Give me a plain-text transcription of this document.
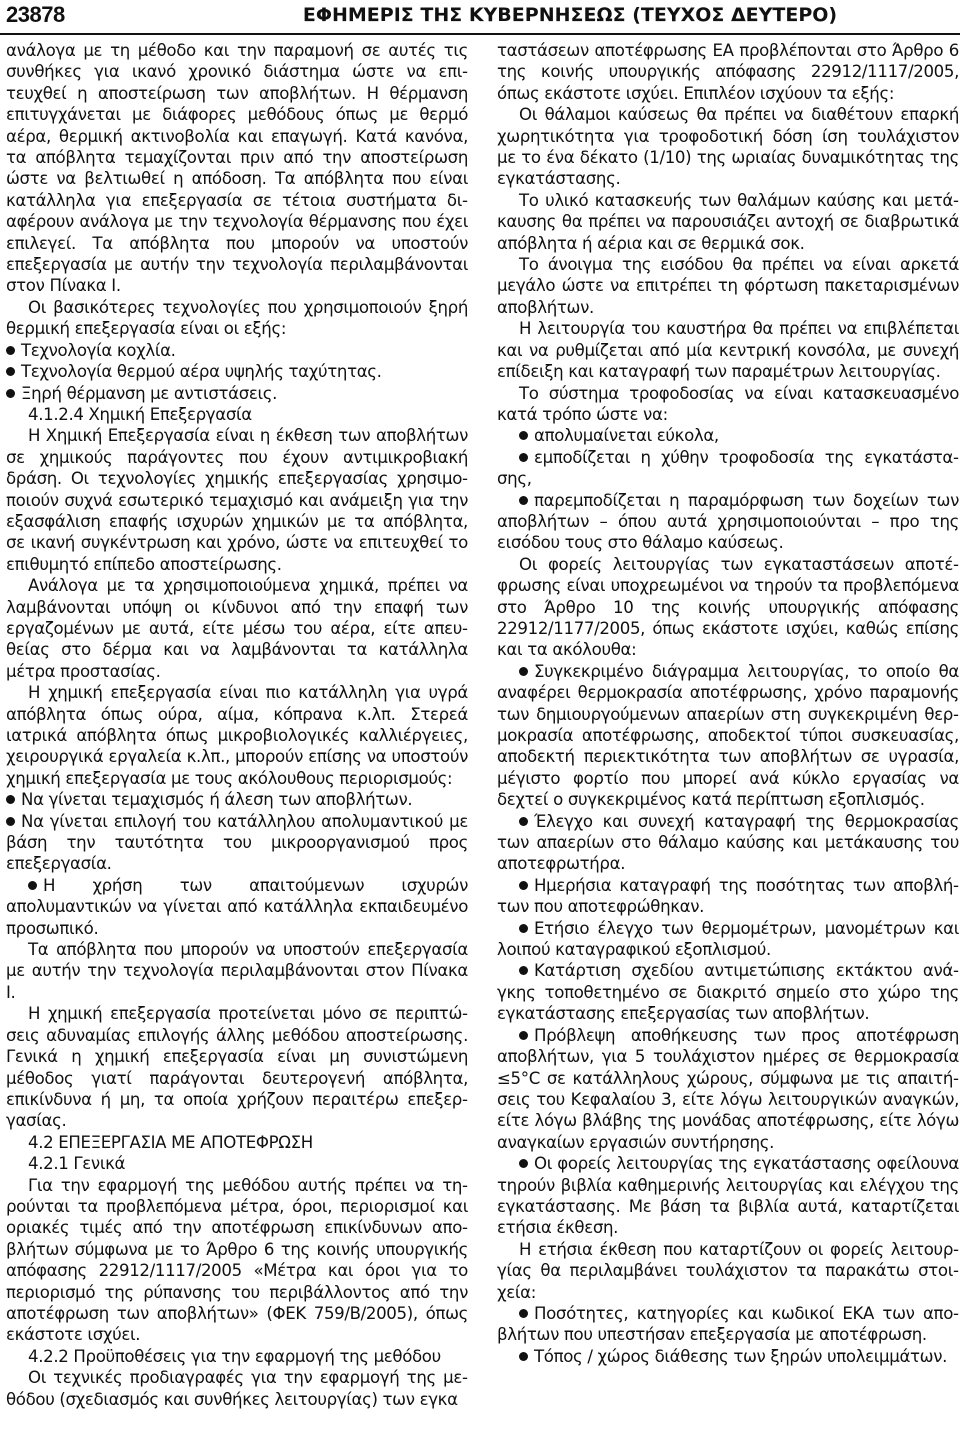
23878	ΕΦΗΜΕΡΙΣ ΤΗΣ ΚΥΒΕΡΝΗΣΕΩΣ (ΤΕΥΧΟΣ ΔΕΥΤΕΡΟ)

ανάλογα με τη μέθοδο και την παραμονή σε αυτές τις συνθήκες για ικανό χρονικό διάστημα ώστε να επιτευχθεί η αποστείρωση των αποβλήτων. Η θέρμανση επιτυγχάνεται με διάφορες μεθόδους όπως με θερμό αέρα, θερμική ακτινοβολία και επαγωγή. Κατά κανόνα, τα απόβλητα τεμαχίζονται πριν από την αποστείρωση ώστε να βελτιωθεί η απόδοση. Τα απόβλητα που είναι κατάλληλα για επεξεργασία σε τέτοια συστήματα διαφέρουν ανάλογα με την τεχνολογία θέρμανσης που έχει επιλεγεί. Τα απόβλητα που μπορούν να υποστούν επεξεργασία με αυτήν την τεχνολογία περιλαμβάνονται στον Πίνακα Ι.

Οι βασικότερες τεχνολογίες που χρησιμοποιούν ξηρή θερμική επεξεργασία είναι οι εξής:

Τεχνολογία κοχλία.

Τεχνολογία θερμού αέρα υψηλής ταχύτητας.

Ξηρή θέρμανση με αντιστάσεις.

4.1.2.4 Χημική Επεξεργασία

Η Χημική Επεξεργασία είναι η έκθεση των αποβλήτων σε χημικούς παράγοντες που έχουν αντιμικροβιακή δράση. Οι τεχνολογίες χημικής επεξεργασίας χρησιμοποιούν συχνά εσωτερικό τεμαχισμό και ανάμειξη για την εξασφάλιση επαφής ισχυρών χημικών με τα απόβλητα, σε ικανή συγκέντρωση και χρόνο, ώστε να επιτευχθεί το επιθυμητό επίπεδο αποστείρωσης.

Ανάλογα με τα χρησιμοποιούμενα χημικά, πρέπει να λαμβάνονται υπόψη οι κίνδυνοι από την επαφή των εργαζομένων με αυτά, είτε μέσω του αέρα, είτε απευθείας στο δέρμα και να λαμβάνονται τα κατάλληλα μέτρα προστασίας.

Η χημική επεξεργασία είναι πιο κατάλληλη για υγρά απόβλητα όπως ούρα, αίμα, κόπρανα κ.λπ. Στερεά ιατρικά απόβλητα όπως μικροβιολογικές καλλιέργειες, χειρουργικά εργαλεία κ.λπ., μπορούν επίσης να υποστούν χημική επεξεργασία με τους ακόλουθους περιορισμούς:

Να γίνεται τεμαχισμός ή άλεση των αποβλήτων.

Να γίνεται επιλογή του κατάλληλου απολυμαντικού με βάση την ταυτότητα του μικροοργανισμού προς επεξεργασία.

Η χρήση των απαιτούμενων ισχυρών απολυμαντικών να γίνεται από κατάλληλα εκπαιδευμένο προσωπικό.

Τα απόβλητα που μπορούν να υποστούν επεξεργασία με αυτήν την τεχνολογία περιλαμβάνονται στον Πίνακα Ι.

Η χημική επεξεργασία προτείνεται μόνο σε περιπτώσεις αδυναμίας επιλογής άλλης μεθόδου αποστείρωσης. Γενικά η χημική επεξεργασία είναι μη συνιστώμενη μέθοδος γιατί παράγονται δευτερογενή απόβλητα, επικίνδυνα ή μη, τα οποία χρήζουν περαιτέρω επεξεργασίας.

4.2 ΕΠΕΞΕΡΓΑΣΙΑ ΜΕ ΑΠΟΤΕΦΡΩΣΗ

4.2.1 Γενικά

Για την εφαρμογή της μεθόδου αυτής πρέπει να τηρούνται τα προβλεπόμενα μέτρα, όροι, περιορισμοί και οριακές τιμές από την αποτέφρωση επικίνδυνων αποβλήτων σύμφωνα με το Άρθρο 6 της κοινής υπουργικής απόφασης 22912/1117/2005 «Μέτρα και όροι για το περιορισμό της ρύπανσης του περιβάλλοντος από την αποτέφρωση των αποβλήτων» (ΦΕΚ 759/Β/2005), όπως εκάστοτε ισχύει.

4.2.2 Προϋποθέσεις για την εφαρμογή της μεθόδου

Οι τεχνικές προδιαγραφές για την εφαρμογή της μεθόδου (σχεδιασμός και συνθήκες λειτουργίας) των εγκα

ταστάσεων αποτέφρωσης ΕΑ προβλέπονται στο Άρθρο 6 της κοινής υπουργικής απόφασης 22912/1117/2005, όπως εκάστοτε ισχύει. Επιπλέον ισχύουν τα εξής:

Οι θάλαμοι καύσεως θα πρέπει να διαθέτουν επαρκή χωρητικότητα για τροφοδοτική δόση ίση τουλάχιστον με το ένα δέκατο (1/10) της ωριαίας δυναμικότητας της εγκατάστασης.

Το υλικό κατασκευής των θαλάμων καύσης και μετάκαυσης θα πρέπει να παρουσιάζει αντοχή σε διαβρωτικά απόβλητα ή αέρια και σε θερμικά σοκ.

Το άνοιγμα της εισόδου θα πρέπει να είναι αρκετά μεγάλο ώστε να επιτρέπει τη φόρτωση πακεταρισμένων αποβλήτων.

Η λειτουργία του καυστήρα θα πρέπει να επιβλέπεται και να ρυθμίζεται από μία κεντρική κονσόλα, με συνεχή επίδειξη και καταγραφή των παραμέτρων λειτουργίας.

Το σύστημα τροφοδοσίας να είναι κατασκευασμένο κατά τρόπο ώστε να:

απολυμαίνεται εύκολα,

εμποδίζεται η χύθην τροφοδοσία της εγκατάστασης,

παρεμποδίζεται η παραμόρφωση των δοχείων των αποβλήτων – όπου αυτά χρησιμοποιούνται – προ της εισόδου τους στο θάλαμο καύσεως.

Οι φορείς λειτουργίας των εγκαταστάσεων αποτέφρωσης είναι υποχρεωμένοι να τηρούν τα προβλεπόμενα στο Άρθρο 10 της κοινής υπουργικής απόφασης 22912/1177/2005, όπως εκάστοτε ισχύει, καθώς επίσης και τα ακόλουθα:

Συγκεκριμένο διάγραμμα λειτουργίας, το οποίο θα αναφέρει θερμοκρασία αποτέφρωσης, χρόνο παραμονής των δημιουργούμενων απαερίων στη συγκεκριμένη θερμοκρασία αποτέφρωσης, αποδεκτοί τύποι συσκευασίας, αποδεκτή περιεκτικότητα των αποβλήτων σε υγρασία, μέγιστο φορτίο που μπορεί ανά κύκλο εργασίας να δεχτεί ο συγκεκριμένος κατά περίπτωση εξοπλισμός.

Έλεγχο και συνεχή καταγραφή της θερμοκρασίας των απαερίων στο θάλαμο καύσης και μετάκαυσης του αποτεφρωτήρα.

Ημερήσια καταγραφή της ποσότητας των αποβλήτων που αποτεφρώθηκαν.

Ετήσιο έλεγχο των θερμομέτρων, μανομέτρων και λοιπού καταγραφικού εξοπλισμού.

Κατάρτιση σχεδίου αντιμετώπισης εκτάκτου ανάγκης τοποθετημένο σε διακριτό σημείο στο χώρο της εγκατάστασης επεξεργασίας των αποβλήτων.

Πρόβλεψη αποθήκευσης των προς αποτέφρωση αποβλήτων, για 5 τουλάχιστον ημέρες σε θερμοκρασία ≤5°C σε κατάλληλους χώρους, σύμφωνα με τις απαιτήσεις του Κεφαλαίου 3, είτε λόγω λειτουργικών αναγκών, είτε λόγω βλάβης της μονάδας αποτέφρωσης, είτε λόγω αναγκαίων εργασιών συντήρησης.

Οι φορείς λειτουργίας της εγκατάστασης οφείλουνα τηρούν βιβλία καθημερινής λειτουργίας και ελέγχου της εγκατάστασης. Με βάση τα βιβλία αυτά, καταρτίζεται ετήσια έκθεση.

Η ετήσια έκθεση που καταρτίζουν οι φορείς λειτουργίας θα περιλαμβάνει τουλάχιστον τα παρακάτω στοιχεία:

Ποσότητες, κατηγορίες και κωδικοί ΕΚΑ των αποβλήτων που υπεστήσαν επεξεργασία με αποτέφρωση.

Τόπος / χώρος διάθεσης των ξηρών υπολειμμάτων.
